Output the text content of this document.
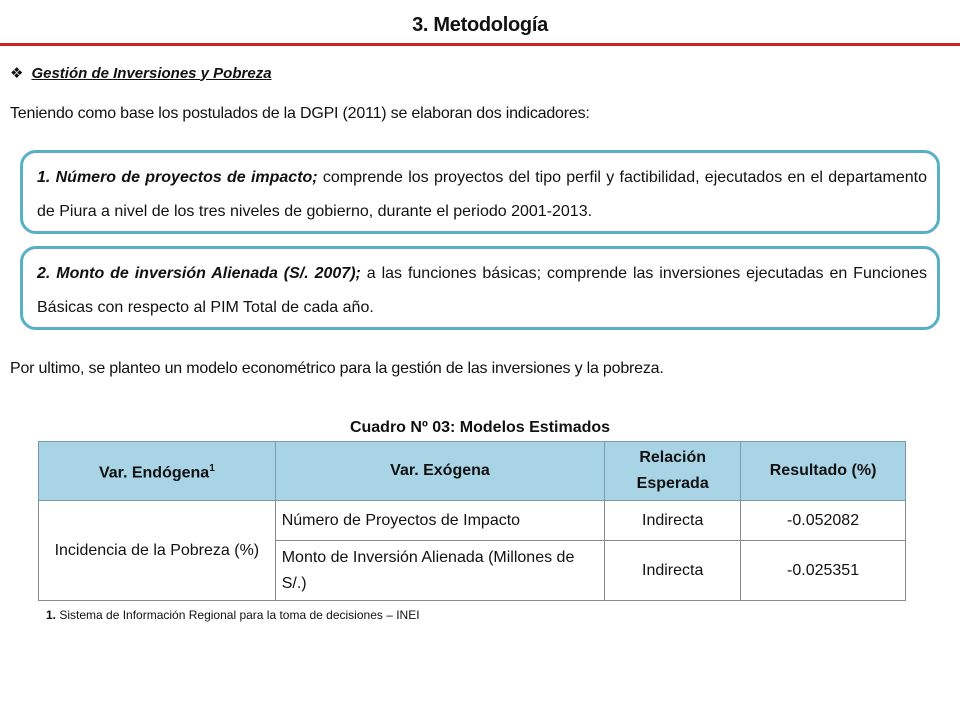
3. Metodología
❖ Gestión de Inversiones y Pobreza
Teniendo como base los postulados de la DGPI (2011) se elaboran dos indicadores:
1. Número de proyectos de impacto; comprende los proyectos del tipo perfil y factibilidad, ejecutados en el departamento de Piura a nivel de los tres niveles de gobierno, durante el periodo 2001-2013.
2. Monto de inversión Alienada (S/. 2007); a las funciones básicas; comprende las inversiones ejecutadas en Funciones Básicas con respecto al PIM Total de cada año.
Por ultimo, se planteo un modelo econométrico para la gestión de las inversiones y la pobreza.
Cuadro Nº 03: Modelos Estimados
Var. Endógena$^1$	Var. Exógena	Relación Esperada	Resultado (%)
Incidencia de la Pobreza (%)	Número de Proyectos de Impacto	Indirecta	-0.052082
	Monto de Inversión Alienada (Millones de S/.)	Indirecta	-0.025351
1. Sistema de Información Regional para la toma de decisiones – INEI
